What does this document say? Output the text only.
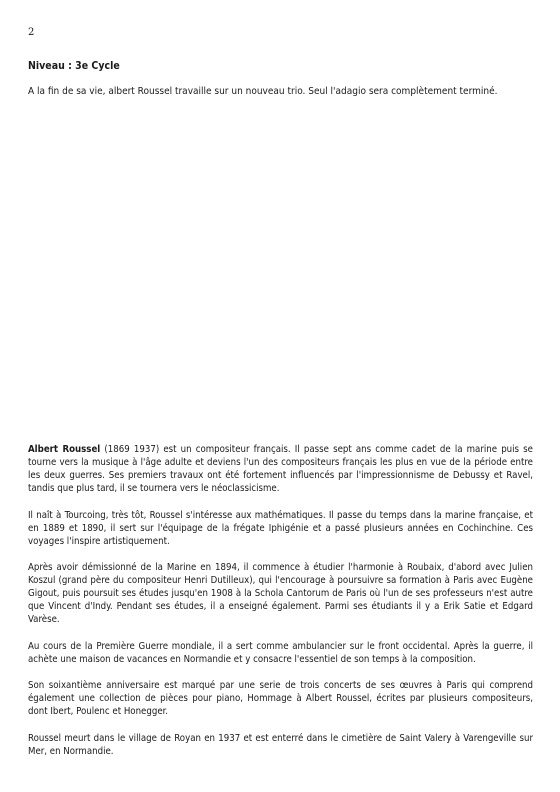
2
Niveau : 3e Cycle
A la fin de sa vie, albert Roussel travaille sur un nouveau trio. Seul l'adagio sera complètement terminé.

Albert Roussel (1869 1937) est un compositeur français. Il passe sept ans comme cadet de la marine puis se tourne vers la musique à l'âge adulte et deviens l'un des compositeurs français les plus en vue de la période entre les deux guerres. Ses premiers travaux ont été fortement influencés par l'impressionnisme de Debussy et Ravel, tandis que plus tard, il se tournera vers le néoclassicisme.

Il naît à Tourcoing, très tôt, Roussel s'intéresse aux mathématiques. Il passe du temps dans la marine française, et en 1889 et 1890, il sert sur l'équipage de la frégate Iphigénie et a passé plusieurs années en Cochinchine. Ces voyages l'inspire artistiquement.

Après avoir démissionné de la Marine en 1894, il commence à étudier l'harmonie à Roubaix, d'abord avec Julien Koszul (grand père du compositeur Henri Dutilleux), qui l'encourage à poursuivre sa formation à Paris avec Eugène Gigout, puis poursuit ses études jusqu'en 1908 à la Schola Cantorum de Paris où l'un de ses professeurs n'est autre que Vincent d'Indy. Pendant ses études, il a enseigné également. Parmi ses étudiants il y a Erik Satie et Edgard Varèse.

Au cours de la Première Guerre mondiale, il a sert comme ambulancier sur le front occidental. Après la guerre, il achète une maison de vacances en Normandie et y consacre l'essentiel de son temps à la composition.

Son soixantième anniversaire est marqué par une serie de trois concerts de ses œuvres à Paris qui comprend également une collection de pièces pour piano, Hommage à Albert Roussel, écrites par plusieurs compositeurs, dont Ibert, Poulenc et Honegger.

Roussel meurt dans le village de Royan en 1937 et est enterré dans le cimetière de Saint Valery à Varengeville sur Mer, en Normandie.
